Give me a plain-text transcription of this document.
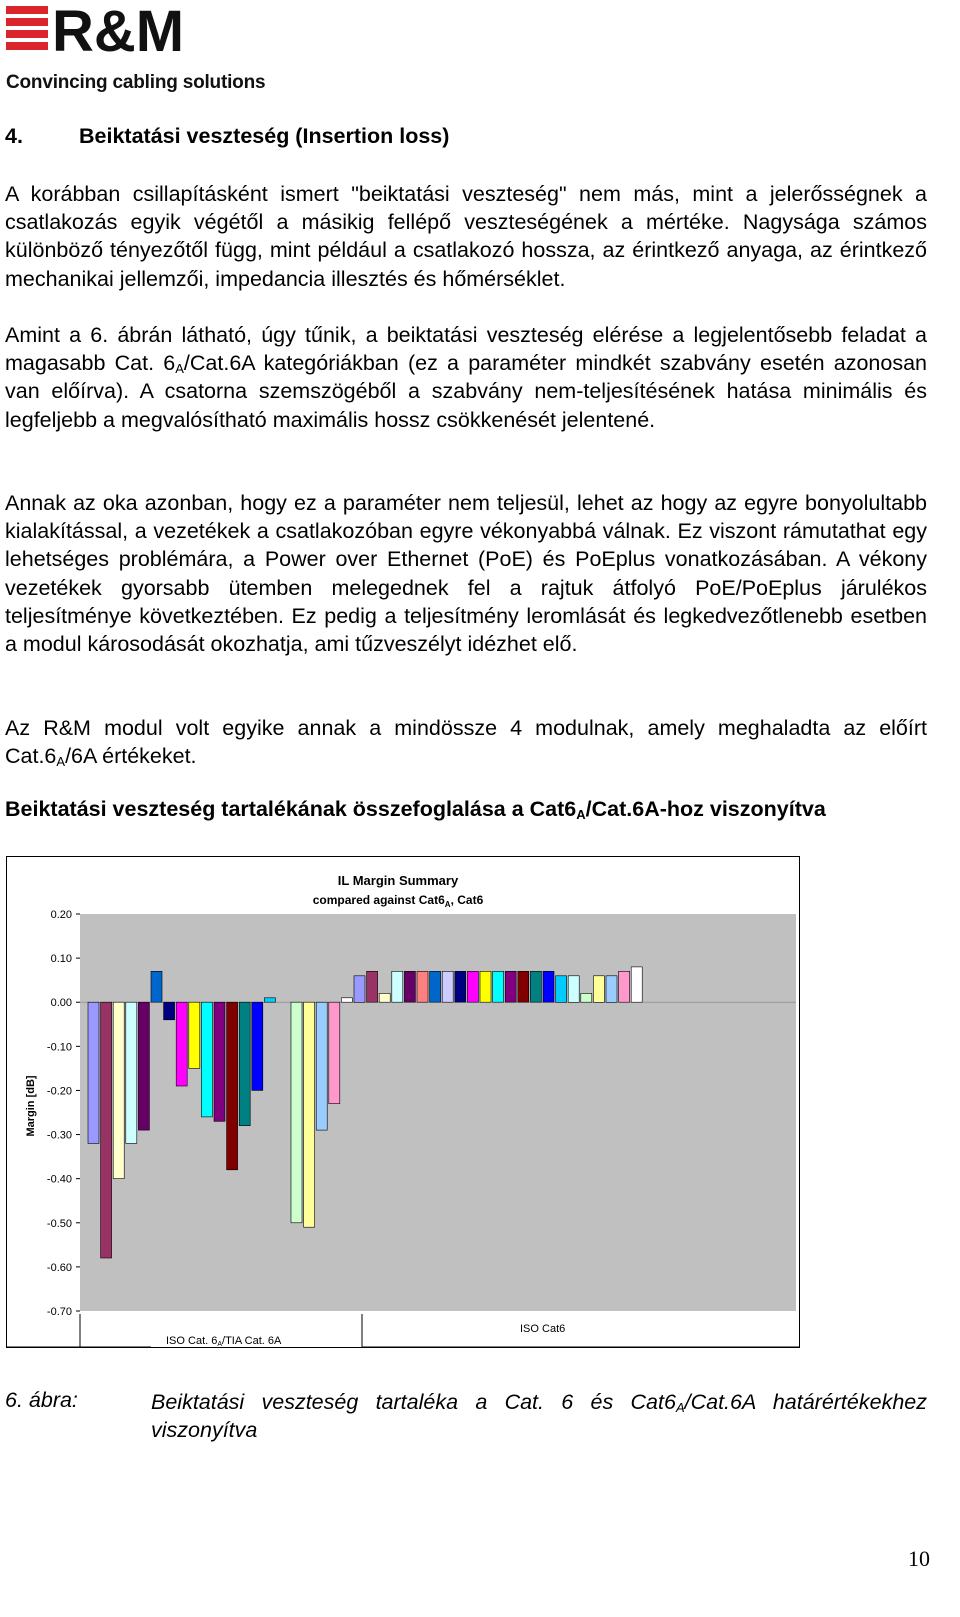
R&M
Convincing cabling solutions
4.	Beiktatási veszteség (Insertion loss)

A korábban csillapításként ismert "beiktatási veszteség" nem más, mint a jelerősségnek a csatlakozás egyik végétől a másikig fellépő veszteségének a mértéke. Nagysága számos különböző tényezőtől függ, mint például a csatlakozó hossza, az érintkező anyaga, az érintkező mechanikai jellemzői, impedancia illesztés és hőmérséklet.

Amint a 6. ábrán látható, úgy tűnik, a beiktatási veszteség elérése a legjelentősebb feladat a magasabb Cat. $6_A/Cat.6A$ kategóriákban (ez a paraméter mindkét szabvány esetén azonosan van előírva). A csatorna szemszögéből a szabvány nem-teljesítésének hatása minimális és legfeljebb a megvalósítható maximális hossz csökkenését jelentené.

Annak az oka azonban, hogy ez a paraméter nem teljesül, lehet az hogy az egyre bonyolultabb kialakítással, a vezetékek a csatlakozóban egyre vékonyabbá válnak. Ez viszont rámutathat egy lehetséges problémára, a Power over Ethernet (PoE) és PoEplus vonatkozásában. A vékony vezetékek gyorsabb ütemben melegednek fel a rajtuk átfolyó PoE/PoEplus járulékos teljesítménye következtében. Ez pedig a teljesítmény leromlását és legkedvezőtlenebb esetben a modul károsodását okozhatja, ami tűzveszélyt idézhet elő.

Az R&M modul volt egyike annak a mindössze 4 modulnak, amely meghaladta az előírt $Cat.6_A/6A$ értékeket.

Beiktatási veszteség tartalékának összefoglalása a $Cat6_A/Cat.6A$-hoz viszonyítva
IL Margin Summary
compared against $Cat6_A$, Cat6
Margin [dB]
0.20
0.10
0.00
-0.10
-0.20
-0.30
-0.40
-0.50
-0.60
-0.70
ISO Cat. 6A/TIA Cat. 6A
ISO Cat6
6. ábra:	Beiktatási veszteség tartaléka a Cat. 6 és $Cat6_A/Cat.6A$ határértékekhez viszonyítva
10
